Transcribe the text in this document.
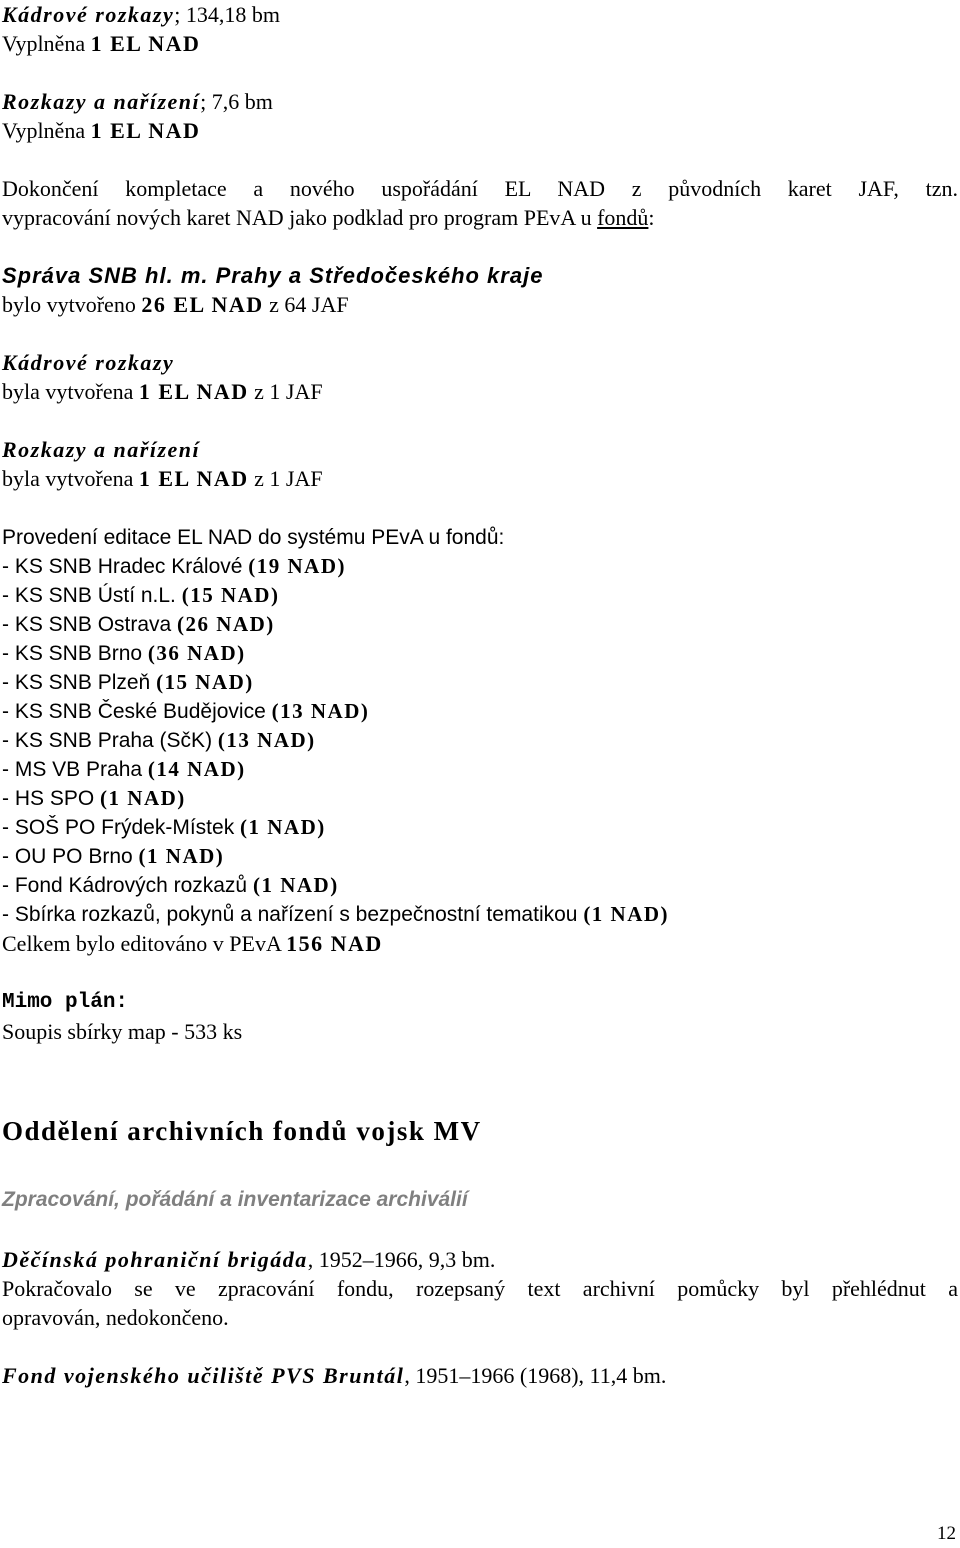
Kádrové rozkazy; 134,18 bm
Vyplněna 1 EL NAD
Rozkazy a nařízení; 7,6 bm
Vyplněna 1 EL NAD
Dokončení kompletace a nového uspořádání EL NAD z původních karet JAF, tzn.
vypracování nových karet NAD jako podklad pro program PEvA u fondů:
Správa SNB hl. m. Prahy a Středočeského kraje
bylo vytvořeno 26 EL NAD z 64 JAF
Kádrové rozkazy
byla vytvořena 1 EL NAD z 1 JAF
Rozkazy a nařízení
byla vytvořena 1 EL NAD z 1 JAF
Provedení editace EL NAD do systému PEvA u fondů:
- KS SNB Hradec Králové (19 NAD)
- KS SNB Ústí n.L. (15 NAD)
- KS SNB Ostrava (26 NAD)
- KS SNB Brno (36 NAD)
- KS SNB Plzeň (15 NAD)
- KS SNB České Budějovice (13 NAD)
- KS SNB Praha (SčK) (13 NAD)
- MS VB Praha (14 NAD)
- HS SPO (1 NAD)
- SOŠ PO Frýdek-Místek (1 NAD)
- OU PO Brno (1 NAD)
- Fond Kádrových rozkazů (1 NAD)
- Sbírka rozkazů, pokynů a nařízení s bezpečnostní tematikou (1 NAD)
Celkem bylo editováno v PEvA 156 NAD
Mimo plán:
Soupis sbírky map - 533 ks
Oddělení archivních fondů vojsk MV
Zpracování, pořádání a inventarizace archiválií
Děčínská pohraniční brigáda, 1952–1966, 9,3 bm.
Pokračovalo se ve zpracování fondu, rozepsaný text archivní pomůcky byl přehlédnut a
opravován, nedokončeno.
Fond vojenského učiliště PVS Bruntál, 1951–1966 (1968), 11,4 bm.
12
